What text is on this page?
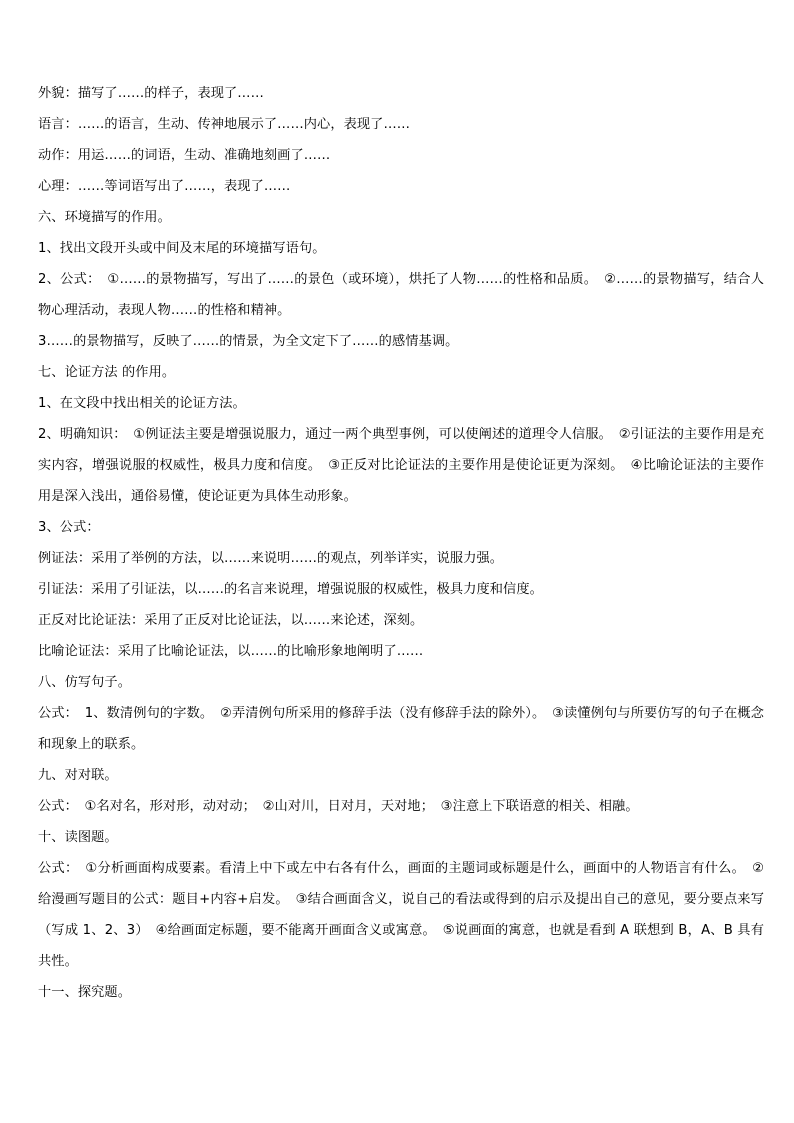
外貌：描写了……的样子，表现了……

语言：……的语言，生动、传神地展示了……内心，表现了……

动作：用运……的词语，生动、准确地刻画了……

心理：……等词语写出了……，表现了……

六、环境描写的作用。

1、找出文段开头或中间及末尾的环境描写语句。

2、公式：　①……的景物描写，写出了……的景色（或环境），烘托了人物……的性格和品质。　②……的景物描写，结合人物心理活动，表现人物……的性格和精神。

3……的景物描写，反映了……的情景，为全文定下了……的感情基调。

七、论证方法 的作用。

1、在文段中找出相关的论证方法。

2、明确知识：　①例证法主要是增强说服力，通过一两个典型事例，可以使阐述的道理令人信服。　②引证法的主要作用是充实内容，增强说服的权威性，极具力度和信度。　③正反对比论证法的主要作用是使论证更为深刻。　④比喻论证法的主要作用是深入浅出，通俗易懂，使论证更为具体生动形象。

3、公式：

例证法：采用了举例的方法，以……来说明……的观点，列举详实，说服力强。

引证法：采用了引证法，以……的名言来说理，增强说服的权威性，极具力度和信度。

正反对比论证法：采用了正反对比论证法，以……来论述，深刻。

比喻论证法：采用了比喻论证法，以……的比喻形象地阐明了……

八、仿写句子。

公式：　1、数清例句的字数。　②弄清例句所采用的修辞手法（没有修辞手法的除外）。　③读懂例句与所要仿写的句子在概念和现象上的联系。

九、对对联。

公式：　①名对名，形对形，动对动；　②山对川，日对月，天对地；　③注意上下联语意的相关、相融。

十、读图题。

公式：　①分析画面构成要素。看清上中下或左中右各有什么，画面的主题词或标题是什么，画面中的人物语言有什么。　②给漫画写题目的公式：题目+内容+启发。　③结合画面含义，说自己的看法或得到的启示及提出自己的意见，要分要点来写（写成 1、2、3）　④给画面定标题，要不能离开画面含义或寓意。　⑤说画面的寓意，也就是看到 A 联想到 B，A、B 具有共性。

十一、探究题。
